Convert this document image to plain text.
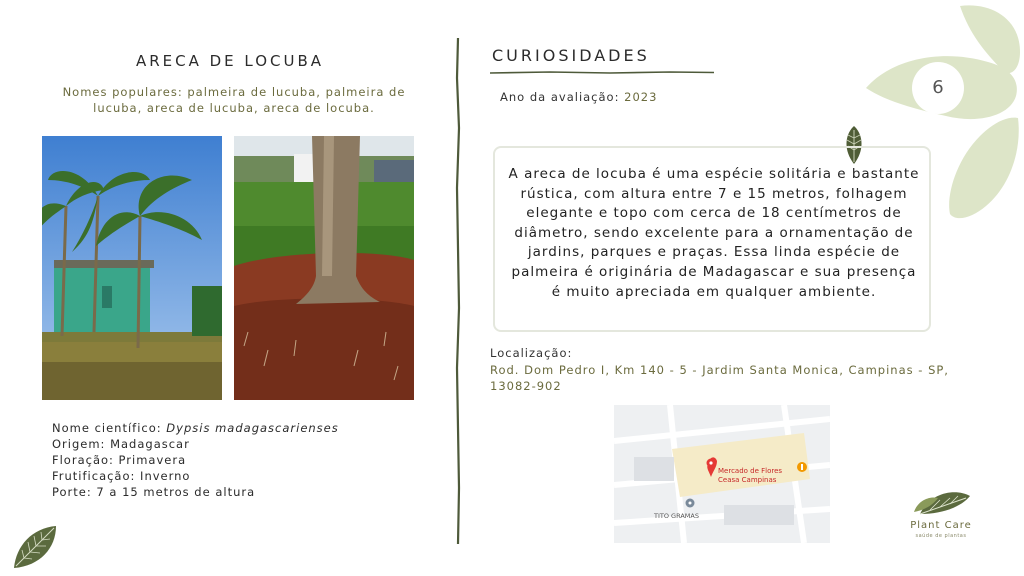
6
ARECA DE LOCUBA
Nomes populares: palmeira de lucuba, palmeira de lucuba, areca de lucuba, areca de locuba.
Nome científico: Dypsis madagascarienses
Origem: Madagascar
Floração: Primavera
Frutificação: Inverno
Porte: 7 a 15 metros de altura
CURIOSIDADES
Ano da avaliação: 2023
A areca de locuba é uma espécie solitária e bastante rústica, com altura entre 7 e 15 metros, folhagem elegante e topo com cerca de 18 centímetros de diâmetro, sendo excelente para a ornamentação de jardins, parques e praças. Essa linda espécie de palmeira é originária de Madagascar e sua presença é muito apreciada em qualquer ambiente.
Localização:
Rod. Dom Pedro I, Km 140 - 5 - Jardim Santa Monica, Campinas - SP, 13082-902
Mercado de Flores
Ceasa Campinas
TITO GRAMAS
Plant Care
saúde de plantas
